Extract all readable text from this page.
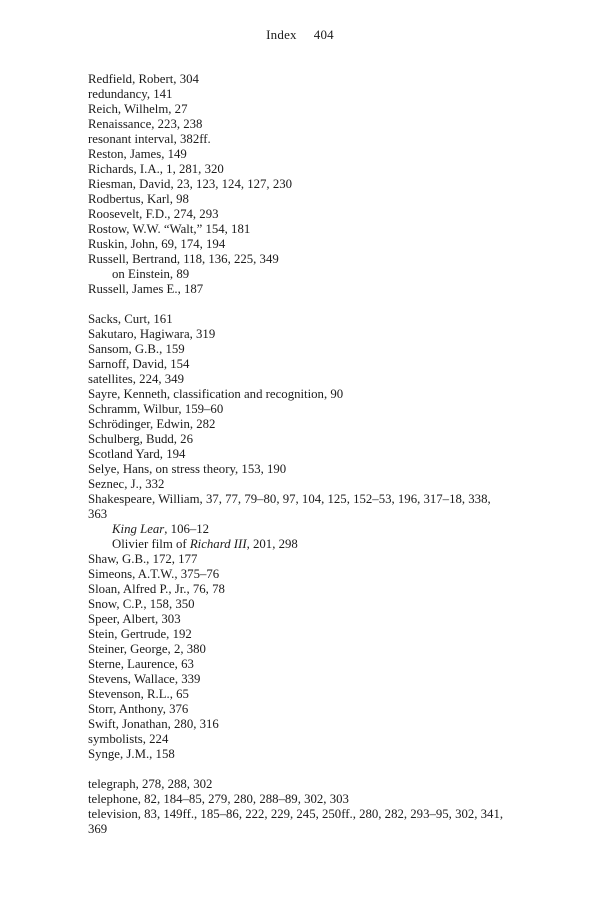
Index 404
Redfield, Robert, 304
redundancy, 141
Reich, Wilhelm, 27
Renaissance, 223, 238
resonant interval, 382ff.
Reston, James, 149
Richards, I.A., 1, 281, 320
Riesman, David, 23, 123, 124, 127, 230
Rodbertus, Karl, 98
Roosevelt, F.D., 274, 293
Rostow, W.W. “Walt,” 154, 181
Ruskin, John, 69, 174, 194
Russell, Bertrand, 118, 136, 225, 349
on Einstein, 89
Russell, James E., 187
Sacks, Curt, 161
Sakutaro, Hagiwara, 319
Sansom, G.B., 159
Sarnoff, David, 154
satellites, 224, 349
Sayre, Kenneth, classification and recognition, 90
Schramm, Wilbur, 159–60
Schrödinger, Edwin, 282
Schulberg, Budd, 26
Scotland Yard, 194
Selye, Hans, on stress theory, 153, 190
Seznec, J., 332
Shakespeare, William, 37, 77, 79–80, 97, 104, 125, 152–53, 196, 317–18, 338,
363
King Lear, 106–12
Olivier film of Richard III, 201, 298
Shaw, G.B., 172, 177
Simeons, A.T.W., 375–76
Sloan, Alfred P., Jr., 76, 78
Snow, C.P., 158, 350
Speer, Albert, 303
Stein, Gertrude, 192
Steiner, George, 2, 380
Sterne, Laurence, 63
Stevens, Wallace, 339
Stevenson, R.L., 65
Storr, Anthony, 376
Swift, Jonathan, 280, 316
symbolists, 224
Synge, J.M., 158
telegraph, 278, 288, 302
telephone, 82, 184–85, 279, 280, 288–89, 302, 303
television, 83, 149ff., 185–86, 222, 229, 245, 250ff., 280, 282, 293–95, 302, 341,
369
